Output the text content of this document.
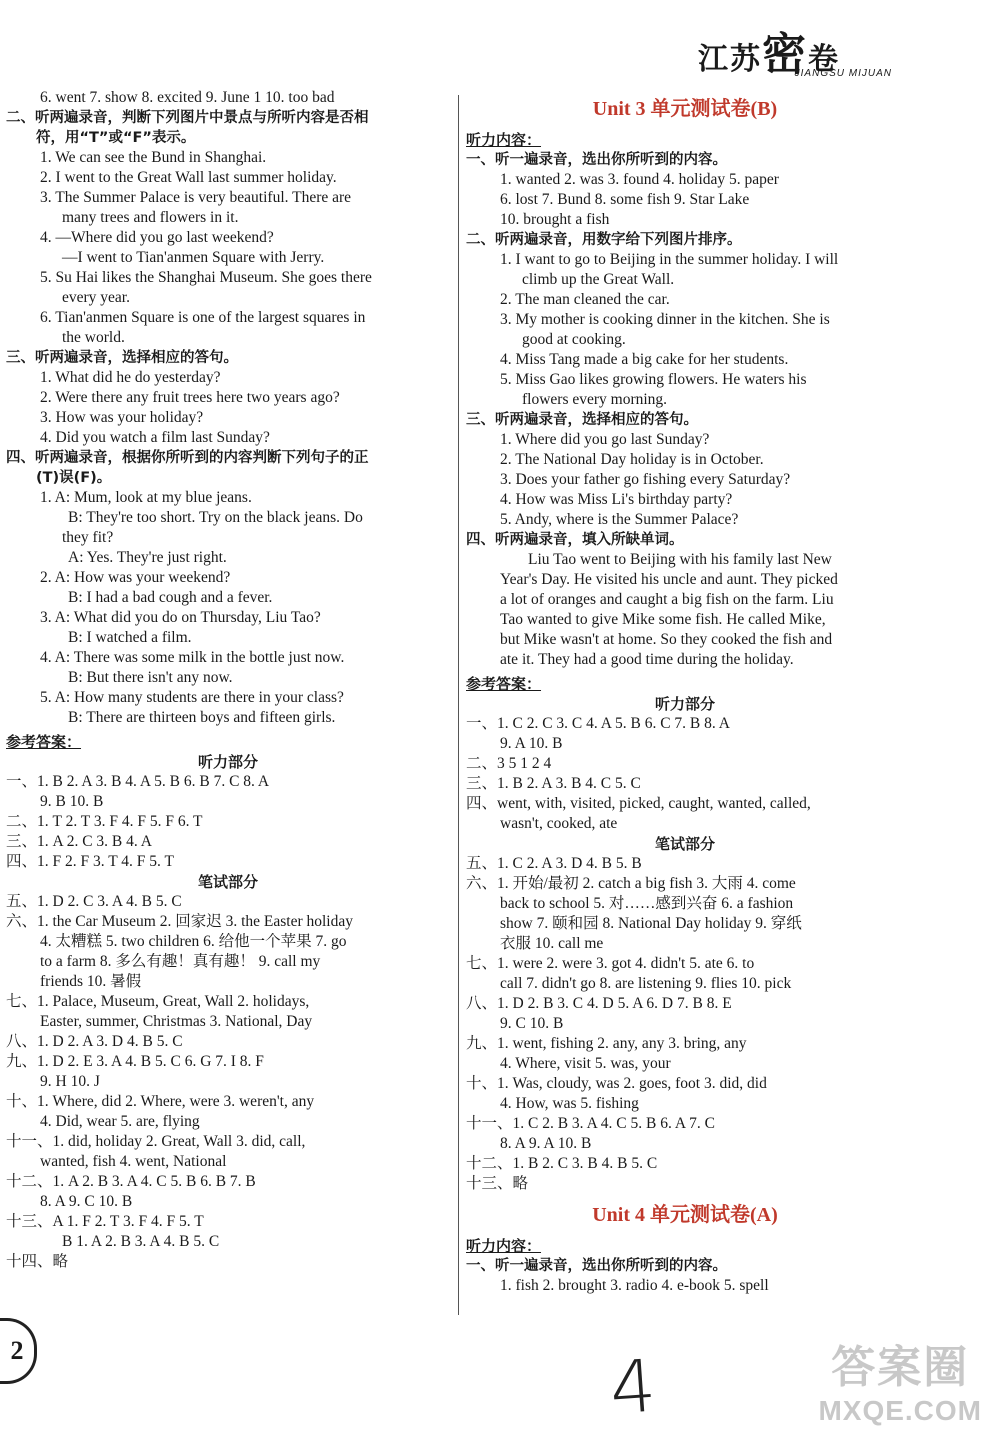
江苏密卷
JIANGSU MIJUAN
6. went 7. show 8. excited 9. June 1 10. too bad
二、听两遍录音，判断下列图片中景点与所听内容是否相
符，用“T”或“F”表示。
1. We can see the Bund in Shanghai.
2. I went to the Great Wall last summer holiday.
3. The Summer Palace is very beautiful. There are
many trees and flowers in it.
4. —Where did you go last weekend?
—I went to Tian'anmen Square with Jerry.
5. Su Hai likes the Shanghai Museum. She goes there
every year.
6. Tian'anmen Square is one of the largest squares in
the world.
三、听两遍录音，选择相应的答句。
1. What did he do yesterday?
2. Were there any fruit trees here two years ago?
3. How was your holiday?
4. Did you watch a film last Sunday?
四、听两遍录音，根据你所听到的内容判断下列句子的正
(T)误(F)。
1. A: Mum, look at my blue jeans.
B: They're too short. Try on the black jeans. Do
they fit?
A: Yes. They're just right.
2. A: How was your weekend?
B: I had a bad cough and a fever.
3. A: What did you do on Thursday, Liu Tao?
B: I watched a film.
4. A: There was some milk in the bottle just now.
B: But there isn't any now.
5. A: How many students are there in your class?
B: There are thirteen boys and fifteen girls.
参考答案：
听力部分
一、1. B 2. A 3. B 4. A 5. B 6. B 7. C 8. A
9. B 10. B
二、1. T 2. T 3. F 4. F 5. F 6. T
三、1. A 2. C 3. B 4. A
四、1. F 2. F 3. T 4. F 5. T
笔试部分
五、1. D 2. C 3. A 4. B 5. C
六、1. the Car Museum 2. 回家迟 3. the Easter holiday
4. 太糟糕 5. two children 6. 给他一个苹果 7. go
to a farm 8. 多么有趣！真有趣！ 9. call my
friends 10. 暑假
七、1. Palace, Museum, Great, Wall 2. holidays,
Easter, summer, Christmas 3. National, Day
八、1. D 2. A 3. D 4. B 5. C
九、1. D 2. E 3. A 4. B 5. C 6. G 7. I 8. F
9. H 10. J
十、1. Where, did 2. Where, were 3. weren't, any
4. Did, wear 5. are, flying
十一、1. did, holiday 2. Great, Wall 3. did, call,
wanted, fish 4. went, National
十二、1. A 2. B 3. A 4. C 5. B 6. B 7. B
8. A 9. C 10. B
十三、A 1. F 2. T 3. F 4. F 5. T
B 1. A 2. B 3. A 4. B 5. C
十四、略
Unit 3 单元测试卷(B)
听力内容：
一、听一遍录音，选出你所听到的内容。
1. wanted 2. was 3. found 4. holiday 5. paper
6. lost 7. Bund 8. some fish 9. Star Lake
10. brought a fish
二、听两遍录音，用数字给下列图片排序。
1. I want to go to Beijing in the summer holiday. I will
climb up the Great Wall.
2. The man cleaned the car.
3. My mother is cooking dinner in the kitchen. She is
good at cooking.
4. Miss Tang made a big cake for her students.
5. Miss Gao likes growing flowers. He waters his
flowers every morning.
三、听两遍录音，选择相应的答句。
1. Where did you go last Sunday?
2. The National Day holiday is in October.
3. Does your father go fishing every Saturday?
4. How was Miss Li's birthday party?
5. Andy, where is the Summer Palace?
四、听两遍录音，填入所缺单词。
Liu Tao went to Beijing with his family last New
Year's Day. He visited his uncle and aunt. They picked
a lot of oranges and caught a big fish on the farm. Liu
Tao wanted to give Mike some fish. He called Mike,
but Mike wasn't at home. So they cooked the fish and
ate it. They had a good time during the holiday.
参考答案：
听力部分
一、1. C 2. C 3. C 4. A 5. B 6. C 7. B 8. A
9. A 10. B
二、3 5 1 2 4
三、1. B 2. A 3. B 4. C 5. C
四、went, with, visited, picked, caught, wanted, called,
wasn't, cooked, ate
笔试部分
五、1. C 2. A 3. D 4. B 5. B
六、1. 开始/最初 2. catch a big fish 3. 大雨 4. come
back to school 5. 对……感到兴奋 6. a fashion
show 7. 颐和园 8. National Day holiday 9. 穿纸
衣服 10. call me
七、1. were 2. were 3. got 4. didn't 5. ate 6. to
call 7. didn't go 8. are listening 9. flies 10. pick
八、1. D 2. B 3. C 4. D 5. A 6. D 7. B 8. E
9. C 10. B
九、1. went, fishing 2. any, any 3. bring, any
4. Where, visit 5. was, your
十、1. Was, cloudy, was 2. goes, foot 3. did, did
4. How, was 5. fishing
十一、1. C 2. B 3. A 4. C 5. B 6. A 7. C
8. A 9. A 10. B
十二、1. B 2. C 3. B 4. B 5. C
十三、略
Unit 4 单元测试卷(A)
听力内容：
一、听一遍录音，选出你所听到的内容。
1. fish 2. brought 3. radio 4. e-book 5. spell
2	4	答案圈
MXQE.COM
